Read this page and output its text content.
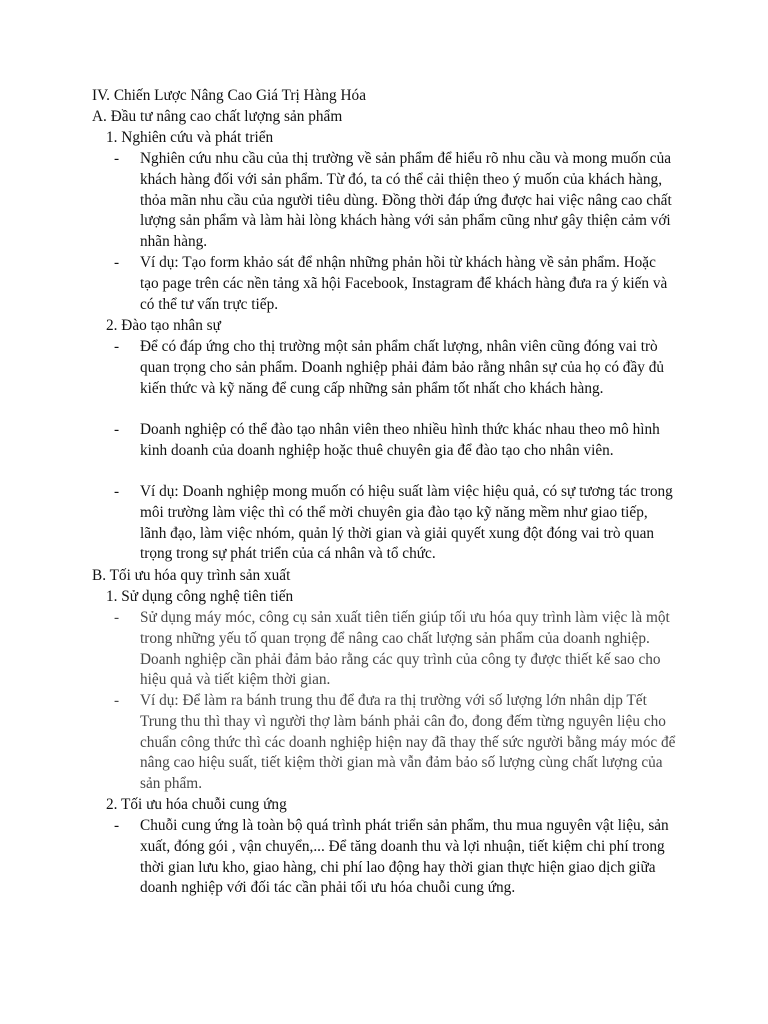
IV. Chiến Lược Nâng Cao Giá Trị Hàng Hóa
A. Đầu tư nâng cao chất lượng sản phẩm
1. Nghiên cứu và phát triển
- Nghiên cứu nhu cầu của thị trường về sản phẩm để hiểu rõ nhu cầu và mong muốn của khách hàng đối với sản phẩm. Từ đó, ta có thể cải thiện theo ý muốn của khách hàng, thỏa mãn nhu cầu của người tiêu dùng. Đồng thời đáp ứng được hai việc nâng cao chất lượng sản phẩm và làm hài lòng khách hàng với sản phẩm cũng như gây thiện cảm với nhãn hàng.
- Ví dụ: Tạo form khảo sát để nhận những phản hồi từ khách hàng về sản phẩm. Hoặc tạo page trên các nền tảng xã hội Facebook, Instagram để khách hàng đưa ra ý kiến và có thể tư vấn trực tiếp.
2. Đào tạo nhân sự
- Để có đáp ứng cho thị trường một sản phẩm chất lượng, nhân viên cũng đóng vai trò quan trọng cho sản phẩm. Doanh nghiệp phải đảm bảo rằng nhân sự của họ có đầy đủ kiến thức và kỹ năng để cung cấp những sản phẩm tốt nhất cho khách hàng.
- Doanh nghiệp có thể đào tạo nhân viên theo nhiều hình thức khác nhau theo mô hình kinh doanh của doanh nghiệp hoặc thuê chuyên gia để đào tạo cho nhân viên.
- Ví dụ: Doanh nghiệp mong muốn có hiệu suất làm việc hiệu quả, có sự tương tác trong môi trường làm việc thì có thể mời chuyên gia đào tạo kỹ năng mềm như giao tiếp, lãnh đạo, làm việc nhóm, quản lý thời gian và giải quyết xung đột đóng vai trò quan trọng trong sự phát triển của cá nhân và tổ chức.
B. Tối ưu hóa quy trình sản xuất
1. Sử dụng công nghệ tiên tiến
- Sử dụng máy móc, công cụ sản xuất tiên tiến giúp tối ưu hóa quy trình làm việc là một trong những yếu tố quan trọng để nâng cao chất lượng sản phẩm của doanh nghiệp. Doanh nghiệp cần phải đảm bảo rằng các quy trình của công ty được thiết kế sao cho hiệu quả và tiết kiệm thời gian.
- Ví dụ: Để làm ra bánh trung thu để đưa ra thị trường với số lượng lớn nhân dịp Tết Trung thu thì thay vì người thợ làm bánh phải cân đo, đong đếm từng nguyên liệu cho chuẩn công thức thì các doanh nghiệp hiện nay đã thay thế sức người bằng máy móc để nâng cao hiệu suất, tiết kiệm thời gian mà vẫn đảm bảo số lượng cùng chất lượng của sản phẩm.
2. Tối ưu hóa chuỗi cung ứng
- Chuỗi cung ứng là toàn bộ quá trình phát triển sản phẩm, thu mua nguyên vật liệu, sản xuất, đóng gói , vận chuyển,... Để tăng doanh thu và lợi nhuận, tiết kiệm chi phí trong thời gian lưu kho, giao hàng, chi phí lao động hay thời gian thực hiện giao dịch giữa doanh nghiệp với đối tác cần phải tối ưu hóa chuỗi cung ứng.
